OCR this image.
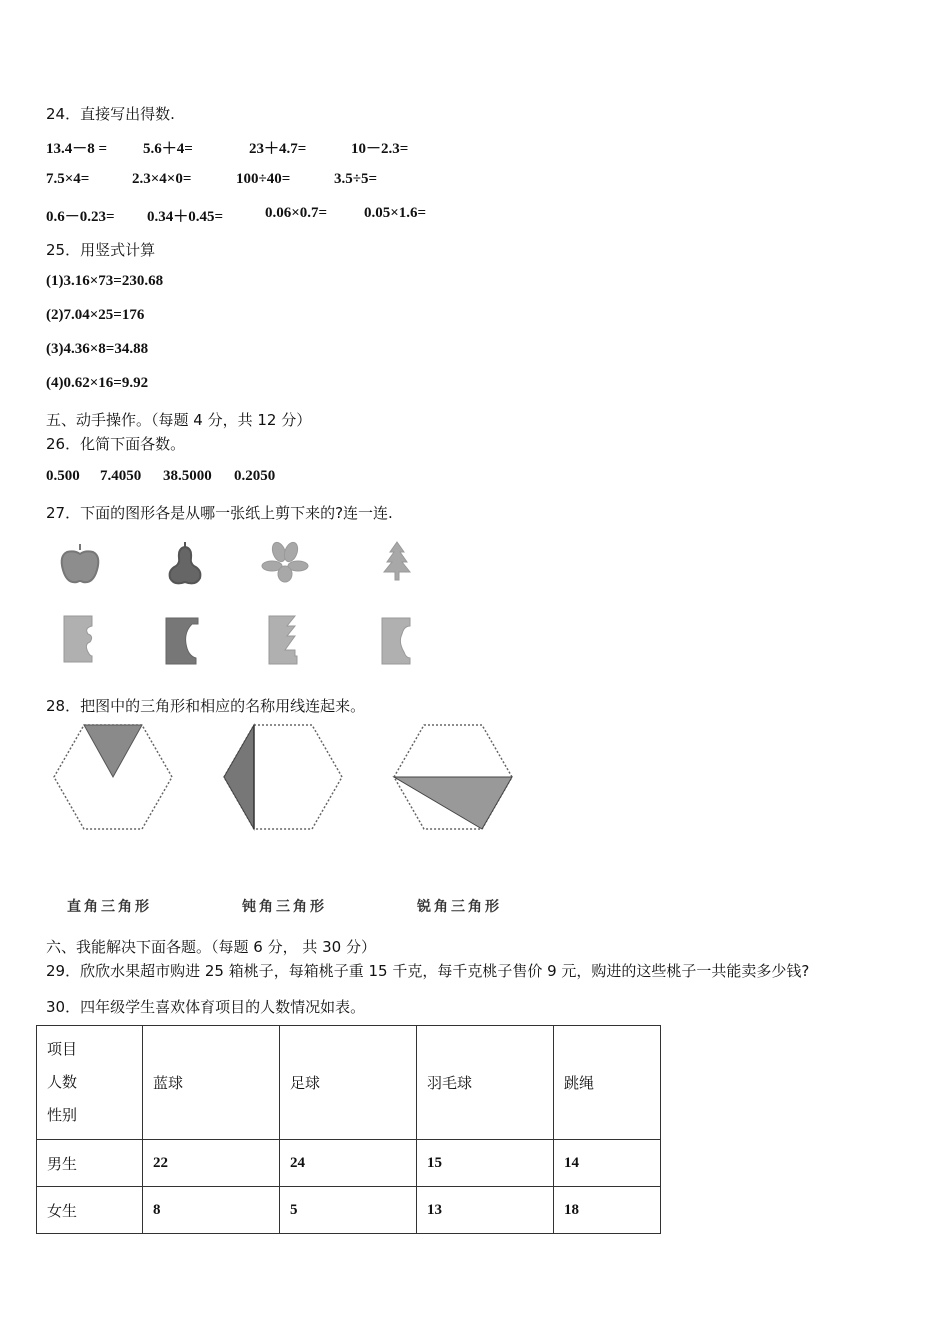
24．直接写出得数.
13.4－8 = 5.6＋4=	23＋4.7=	10－2.3=
7.5×4=	2.3×4×0=	100÷40=	3.5÷5=
0.6－0.23= 0.34＋0.45=	0.06×0.7= 0.05×1.6=
25．用竖式计算
(1)3.16×73=230.68
(2)7.04×25=176
(3)4.36×8=34.88
(4)0.62×16=9.92
五、动手操作。（每题 4 分，共 12 分）
26．化简下面各数。
0.500 7.4050 38.5000 0.2050
27．下面的图形各是从哪一张纸上剪下来的?连一连.
28．把图中的三角形和相应的名称用线连起来。
直角三角形	钝角三角形	锐角三角形
六、我能解决下面各题。（每题 6 分， 共 30 分）
29．欣欣水果超市购进 25 箱桃子，每箱桃子重 15 千克，每千克桃子售价 9 元，购进的这些桃子一共能卖多少钱?
30．四年级学生喜欢体育项目的人数情况如表。
项目
人数
性别	蓝球	足球	羽毛球	跳绳
男生	22	24	15	14
女生	8	5	13	18
